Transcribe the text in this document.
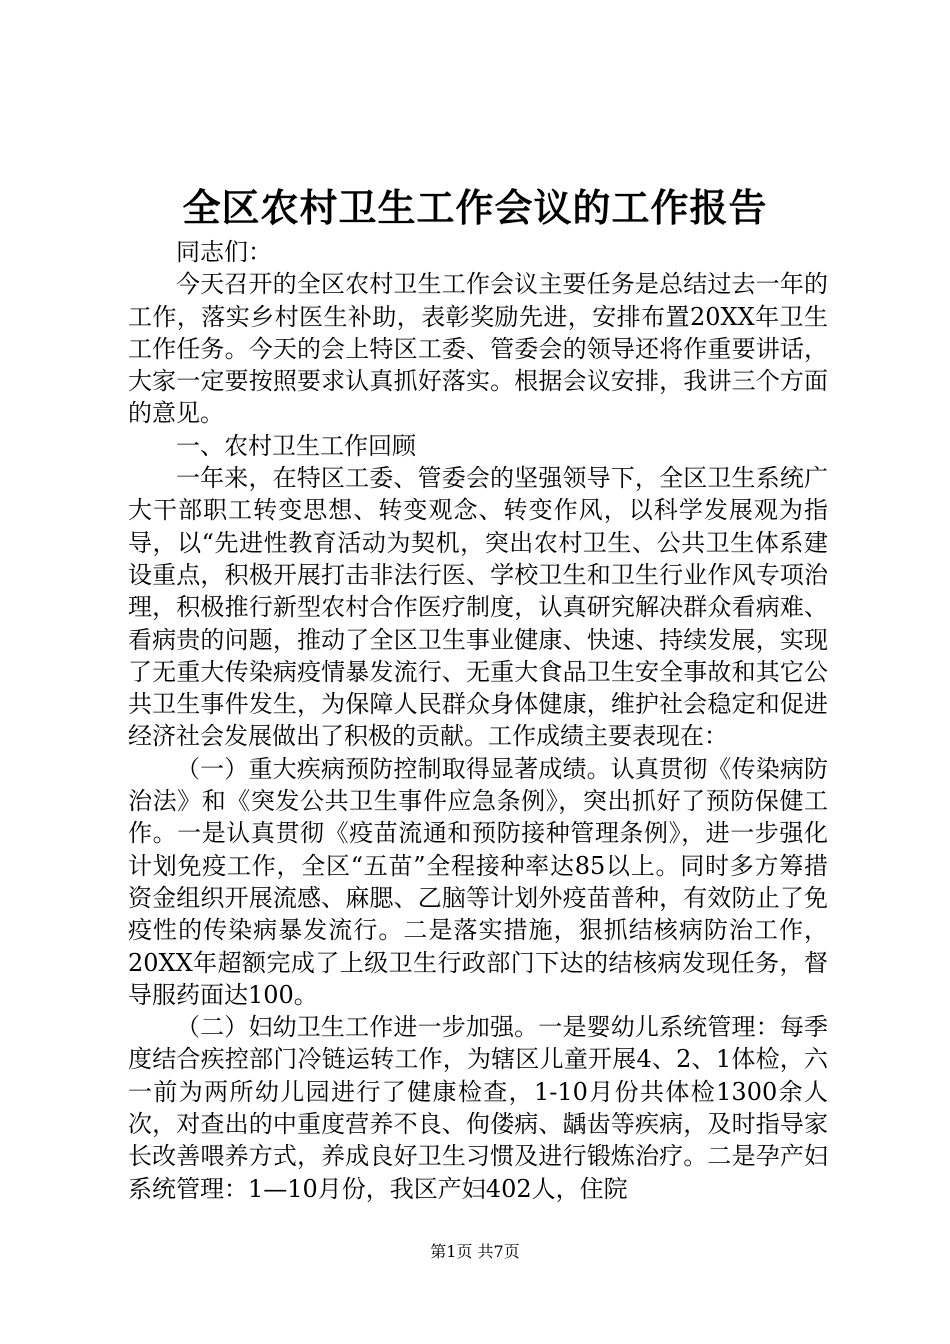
全区农村卫生工作会议的工作报告

同志们：

今天召开的全区农村卫生工作会议主要任务是总结过去一年的工作，落实乡村医生补助，表彰奖励先进，安排布置20XX年卫生工作任务。今天的会上特区工委、管委会的领导还将作重要讲话，大家一定要按照要求认真抓好落实。根据会议安排，我讲三个方面的意见。

一、农村卫生工作回顾

一年来，在特区工委、管委会的坚强领导下，全区卫生系统广大干部职工转变思想、转变观念、转变作风，以科学发展观为指导，以“先进性教育活动为契机，突出农村卫生、公共卫生体系建设重点，积极开展打击非法行医、学校卫生和卫生行业作风专项治理，积极推行新型农村合作医疗制度，认真研究解决群众看病难、看病贵的问题，推动了全区卫生事业健康、快速、持续发展，实现了无重大传染病疫情暴发流行、无重大食品卫生安全事故和其它公共卫生事件发生，为保障人民群众身体健康，维护社会稳定和促进经济社会发展做出了积极的贡献。工作成绩主要表现在：

（一）重大疾病预防控制取得显著成绩。认真贯彻《传染病防治法》和《突发公共卫生事件应急条例》，突出抓好了预防保健工作。一是认真贯彻《疫苗流通和预防接种管理条例》，进一步强化计划免疫工作，全区“五苗”全程接种率达85以上。同时多方筹措资金组织开展流感、麻腮、乙脑等计划外疫苗普种，有效防止了免疫性的传染病暴发流行。二是落实措施，狠抓结核病防治工作，20XX年超额完成了上级卫生行政部门下达的结核病发现任务，督导服药面达100。

（二）妇幼卫生工作进一步加强。一是婴幼儿系统管理：每季度结合疾控部门冷链运转工作，为辖区儿童开展4、2、1体检，六一前为两所幼儿园进行了健康检查，1-10月份共体检1300余人次，对查出的中重度营养不良、佝偻病、龋齿等疾病，及时指导家长改善喂养方式，养成良好卫生习惯及进行锻炼治疗。二是孕产妇系统管理：1—10月份，我区产妇402人，住院

第1页 共7页
